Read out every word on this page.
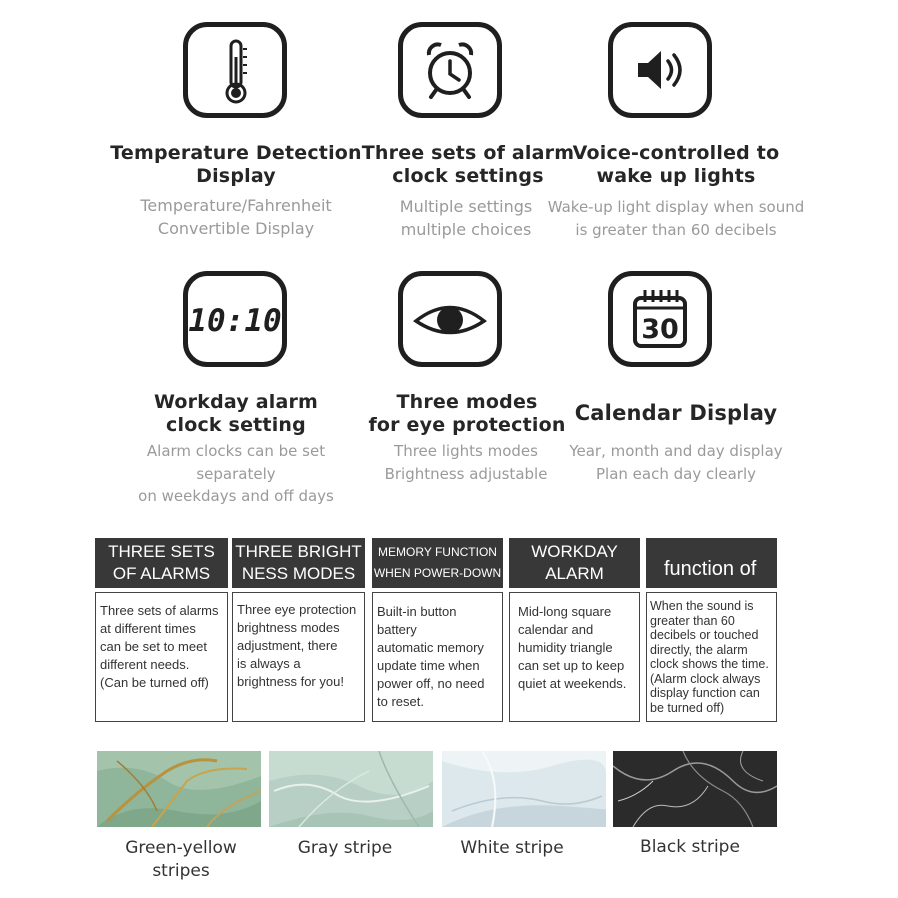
Temperature Detection
Display
Temperature/Fahrenheit
Convertible Display
Three sets of alarm
clock settings
Multiple settings
multiple choices
Voice-controlled to
wake up lights
Wake-up light display when sound
is greater than 60 decibels
10:10
Workday alarm
clock setting
Alarm clocks can be set separately
on weekdays and off days
Three modes
for eye protection
Three lights modes
Brightness adjustable
30
Calendar Display
Year, month and day display
Plan each day clearly
THREE SETS
OF ALARMS
Three sets of alarms
at different times
can be set to meet
different needs.
(Can be turned off)
THREE BRIGHT
NESS MODES
Three eye protection
brightness modes
adjustment, there
is always a
brightness for you!
MEMORY FUNCTION
WHEN POWER-DOWN
Built-in button battery
automatic memory
update time when
power off, no need
to reset.
WORKDAY
ALARM
Mid-long square
calendar and
humidity triangle
can set up to keep
quiet at weekends.
function of
When the sound is
greater than 60
decibels or touched
directly, the alarm
clock shows the time.
(Alarm clock always
display function can
be turned off)
Green-yellow
stripes
Gray stripe	White stripe	Black stripe
